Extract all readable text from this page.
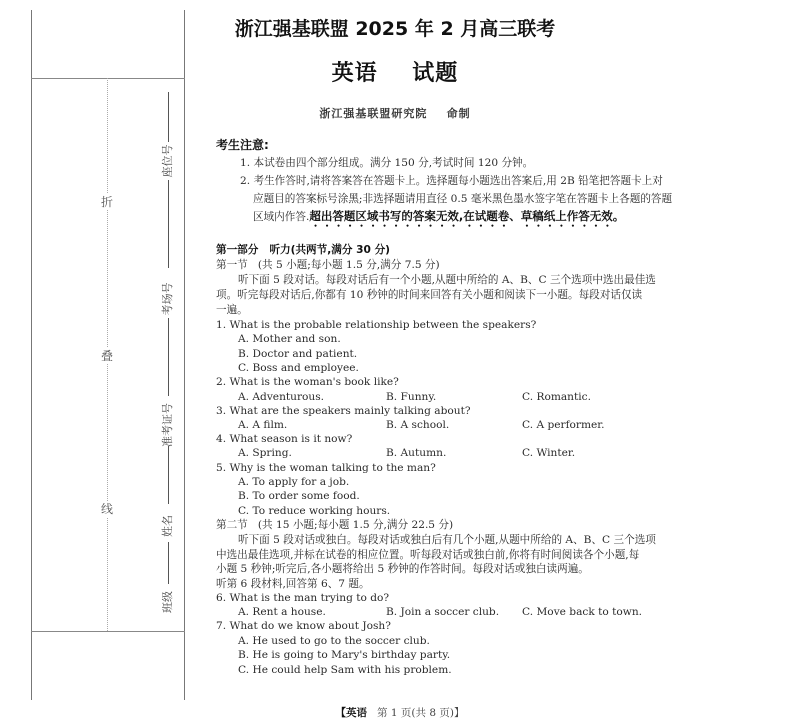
折
叠
线
座位号
考场号
准考证号
姓名
班级
浙江强基联盟 2025 年 2 月高三联考
英语    试题
浙江强基联盟研究院    命制
考生注意:
1. 本试卷由四个部分组成。满分 150 分,考试时间 120 分钟。
2. 考生作答时,请将答案答在答题卡上。选择题每小题选出答案后,用 2B 铅笔把答题卡上对
应题目的答案标号涂黑;非选择题请用直径 0.5 毫米黑色墨水签字笔在答题卡上各题的答题
区域内作答.超出答题区域书写的答案无效,在试题卷、草稿纸上作答无效。
第一部分   听力(共两节,满分 30 分)
第一节   (共 5 小题;每小题 1.5 分,满分 7.5 分)
听下面 5 段对话。每段对话后有一个小题,从题中所给的 A、B、C 三个选项中选出最佳选
项。听完每段对话后,你都有 10 秒钟的时间来回答有关小题和阅读下一小题。每段对话仅读
一遍。
1. What is the probable relationship between the speakers?
A. Mother and son.
B. Doctor and patient.
C. Boss and employee.
2. What is the woman's book like?
A. Adventurous.	B. Funny.	C. Romantic.
3. What are the speakers mainly talking about?
A. A film.	B. A school.	C. A performer.
4. What season is it now?
A. Spring.	B. Autumn.	C. Winter.
5. Why is the woman talking to the man?
A. To apply for a job.
B. To order some food.
C. To reduce working hours.
第二节   (共 15 小题;每小题 1.5 分,满分 22.5 分)
听下面 5 段对话或独白。每段对话或独白后有几个小题,从题中所给的 A、B、C 三个选项
中选出最佳选项,并标在试卷的相应位置。听每段对话或独白前,你将有时间阅读各个小题,每
小题 5 秒钟;听完后,各小题将给出 5 秒钟的作答时间。每段对话或独白读两遍。
听第 6 段材料,回答第 6、7 题。
6. What is the man trying to do?
A. Rent a house.	B. Join a soccer club. C. Move back to town.
7. What do we know about Josh?
A. He used to go to the soccer club.
B. He is going to Mary's birthday party.
C. He could help Sam with his problem.
【英语 第 1 页(共 8 页)】
